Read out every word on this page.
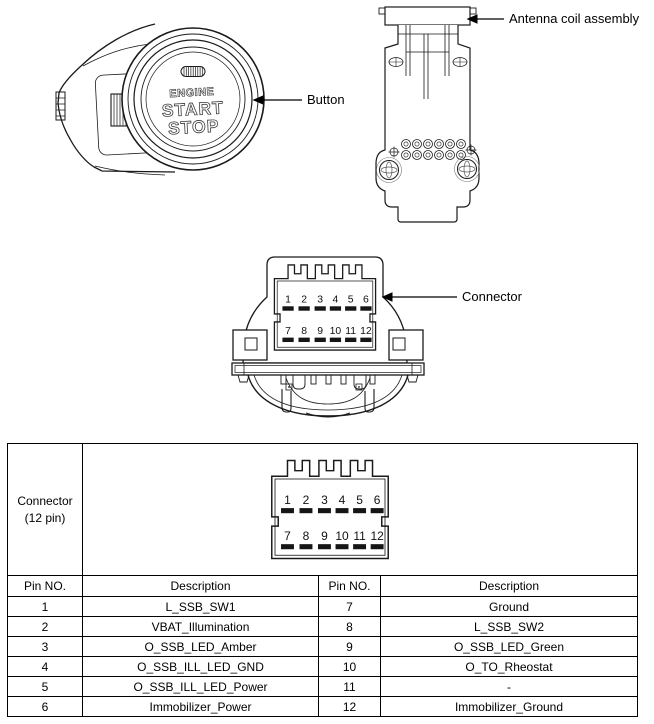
ENGINE
START
STOP
1 2 3 4 5 6
7 8 9 10 11 12
Button
Antenna coil assembly
Connector
Connector
(12 pin)

1 2 3 4 5 6
7 8 9 10 11 12

Pin NO.	Description	Pin NO.	Description
1	L_SSB_SW1	7	Ground
2	VBAT_Illumination	8	L_SSB_SW2
3	O_SSB_LED_Amber	9	O_SSB_LED_Green
4	O_SSB_ILL_LED_GND	10	O_TO_Rheostat
5	O_SSB_ILL_LED_Power	11	-
6	Immobilizer_Power	12	Immobilizer_Ground
